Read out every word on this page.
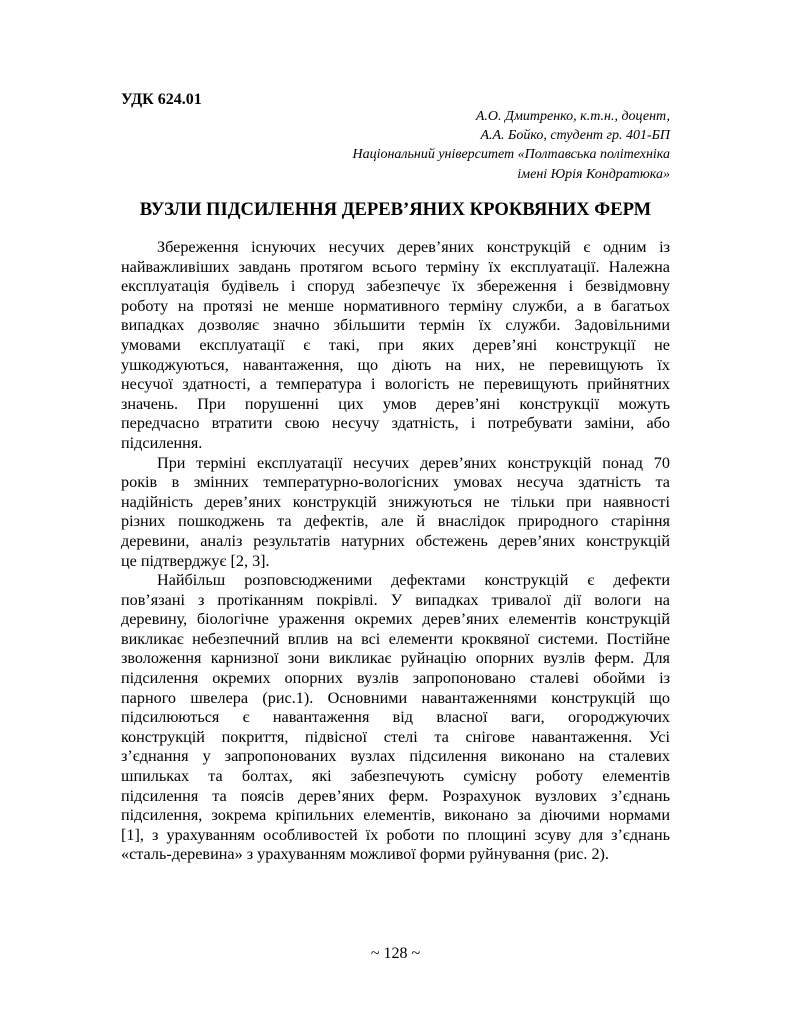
УДК 624.01
А.О. Дмитренко, к.т.н., доцент,
А.А. Бойко, студент гр. 401-БП
Національний університет «Полтавська політехніка
імені Юрія Кондратюка»
ВУЗЛИ ПІДСИЛЕННЯ ДЕРЕВ’ЯНИХ КРОКВЯНИХ ФЕРМ
Збереження існуючих несучих дерев’яних конструкцій є одним із
найважливіших завдань протягом всього терміну їх експлуатації. Належна
експлуатація будівель і споруд забезпечує їх збереження і безвідмовну
роботу на протязі не менше нормативного терміну служби, а в багатьох
випадках дозволяє значно збільшити термін їх служби. Задовільними
умовами експлуатації є такі, при яких дерев’яні конструкції не
ушкоджуються, навантаження, що діють на них, не перевищують їх
несучої здатності, а температура і вологість не перевищують прийнятних
значень. При порушенні цих умов дерев’яні конструкції можуть
передчасно втратити свою несучу здатність, і потребувати заміни, або
підсилення.
При терміні експлуатації несучих дерев’яних конструкцій понад 70
років в змінних температурно-вологісних умовах несуча здатність та
надійність дерев’яних конструкцій знижуються не тільки при наявності
різних пошкоджень та дефектів, але й внаслідок природного старіння
деревини, аналіз результатів натурних обстежень дерев’яних конструкцій
це підтверджує [2, 3].
Найбільш розповсюдженими дефектами конструкцій є дефекти
пов’язані з протіканням покрівлі. У випадках тривалої дії вологи на
деревину, біологічне ураження окремих дерев’яних елементів конструкцій
викликає небезпечний вплив на всі елементи кроквяної системи. Постійне
зволоження карнизної зони викликає руйнацію опорних вузлів ферм. Для
підсилення окремих опорних вузлів запропоновано сталеві обойми із
парного швелера (рис.1). Основними навантаженнями конструкцій що
підсилюються є навантаження від власної ваги, огороджуючих
конструкцій покриття, підвісної стелі та снігове навантаження. Усі
з’єднання у запропонованих вузлах підсилення виконано на сталевих
шпильках та болтах, які забезпечують сумісну роботу елементів
підсилення та поясів дерев’яних ферм. Розрахунок вузлових з’єднань
підсилення, зокрема кріпильних елементів, виконано за діючими нормами
[1], з урахуванням особливостей їх роботи по площині зсуву для з’єднань
«сталь-деревина» з урахуванням можливої форми руйнування (рис. 2).
~ 128 ~
